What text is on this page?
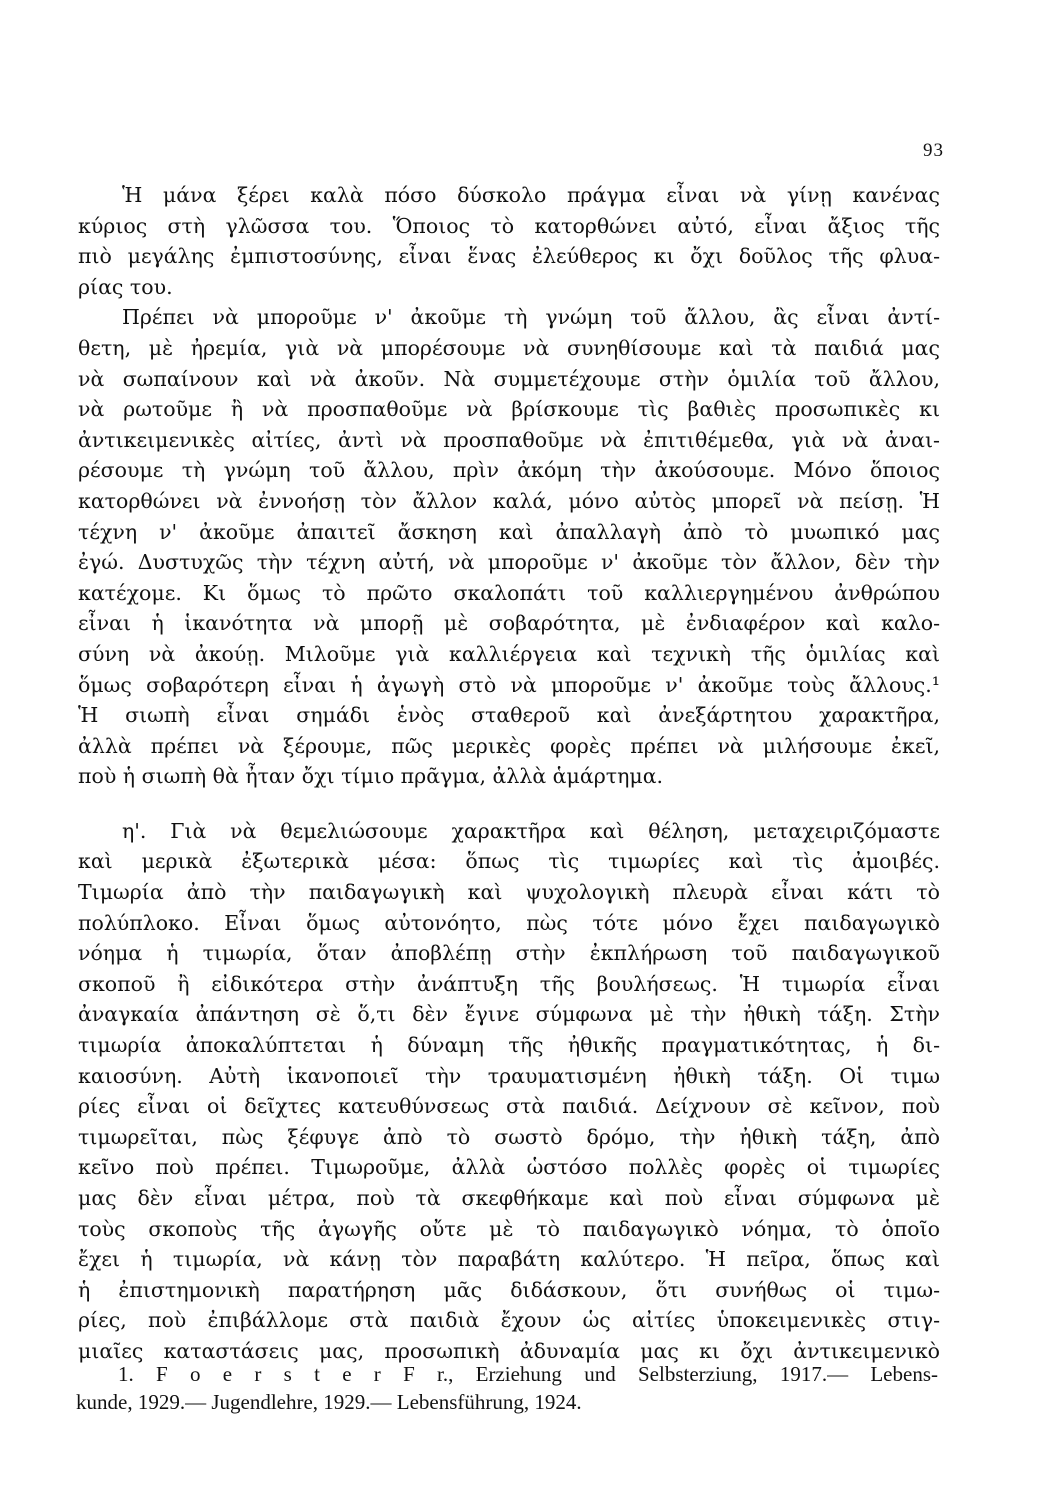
93
Ἡ μάνα ξέρει καλὰ πόσο δύσκολο πράγμα εἶναι νὰ γίνῃ κανένας
κύριος στὴ γλῶσσα του. Ὅποιος τὸ κατορθώνει αὐτό, εἶναι ἄξιος τῆς
πιὸ μεγάλης ἐμπιστοσύνης, εἶναι ἕνας ἐλεύθερος κι ὄχι δοῦλος τῆς φλυα-
ρίας του.
Πρέπει νὰ μποροῦμε ν' ἀκοῦμε τὴ γνώμη τοῦ ἄλλου, ἂς εἶναι ἀντί-
θετη, μὲ ἠρεμία, γιὰ νὰ μπορέσουμε νὰ συνηθίσουμε καὶ τὰ παιδιά μας
νὰ σωπαίνουν καὶ νὰ ἀκοῦν. Νὰ συμμετέχουμε στὴν ὁμιλία τοῦ ἄλλου,
νὰ ρωτοῦμε ἢ νὰ προσπαθοῦμε νὰ βρίσκουμε τὶς βαθιὲς προσωπικὲς κι
ἀντικειμενικὲς αἰτίες, ἀντὶ νὰ προσπαθοῦμε νὰ ἐπιτιθέμεθα, γιὰ νὰ ἀναι-
ρέσουμε τὴ γνώμη τοῦ ἄλλου, πρὶν ἀκόμη τὴν ἀκούσουμε. Μόνο ὅποιος
κατορθώνει νὰ ἐννοήσῃ τὸν ἄλλον καλά, μόνο αὐτὸς μπορεῖ νὰ πείσῃ. Ἡ
τέχνη ν' ἀκοῦμε ἀπαιτεῖ ἄσκηση καὶ ἀπαλλαγὴ ἀπὸ τὸ μυωπικό μας
ἐγώ. Δυστυχῶς τὴν τέχνη αὐτή, νὰ μποροῦμε ν' ἀκοῦμε τὸν ἄλλον, δὲν τὴν
κατέχομε. Κι ὅμως τὸ πρῶτο σκαλοπάτι τοῦ καλλιεργημένου ἀνθρώπου
εἶναι ἡ ἱκανότητα νὰ μπορῇ μὲ σοβαρότητα, μὲ ἐνδιαφέρον καὶ καλο-
σύνη νὰ ἀκούῃ. Μιλοῦμε γιὰ καλλιέργεια καὶ τεχνικὴ τῆς ὁμιλίας καὶ
ὅμως σοβαρότερη εἶναι ἡ ἀγωγὴ στὸ νὰ μποροῦμε ν' ἀκοῦμε τοὺς ἄλλους.¹
Ἡ σιωπὴ εἶναι σημάδι ἑνὸς σταθεροῦ καὶ ἀνεξάρτητου χαρακτῆρα,
ἀλλὰ πρέπει νὰ ξέρουμε, πῶς μερικὲς φορὲς πρέπει νὰ μιλήσουμε ἐκεῖ,
ποὺ ἡ σιωπὴ θὰ ἦταν ὄχι τίμιο πρᾶγμα, ἀλλὰ ἁμάρτημα.
η'. Γιὰ νὰ θεμελιώσουμε χαρακτῆρα καὶ θέληση, μεταχειριζόμαστε
καὶ μερικὰ ἐξωτερικὰ μέσα: ὅπως τὶς τιμωρίες καὶ τὶς ἀμοιβές.
Τιμωρία ἀπὸ τὴν παιδαγωγικὴ καὶ ψυχολογικὴ πλευρὰ εἶναι κάτι τὸ
πολύπλοκο. Εἶναι ὅμως αὐτονόητο, πὼς τότε μόνο ἔχει παιδαγωγικὸ
νόημα ἡ τιμωρία, ὅταν ἀποβλέπῃ στὴν ἐκπλήρωση τοῦ παιδαγωγικοῦ
σκοποῦ ἢ εἰδικότερα στὴν ἀνάπτυξη τῆς βουλήσεως. Ἡ τιμωρία εἶναι
ἀναγκαία ἀπάντηση σὲ ὅ,τι δὲν ἔγινε σύμφωνα μὲ τὴν ἠθικὴ τάξη. Στὴν
τιμωρία ἀποκαλύπτεται ἡ δύναμη τῆς ἠθικῆς πραγματικότητας, ἡ δι-
καιοσύνη. Αὐτὴ ἱκανοποιεῖ τὴν τραυματισμένη ἠθικὴ τάξη. Οἱ τιμω
ρίες εἶναι οἱ δεῖχτες κατευθύνσεως στὰ παιδιά. Δείχνουν σὲ κεῖνον, ποὺ
τιμωρεῖται, πὼς ξέφυγε ἀπὸ τὸ σωστὸ δρόμο, τὴν ἠθικὴ τάξη, ἀπὸ
κεῖνο ποὺ πρέπει. Τιμωροῦμε, ἀλλὰ ὡστόσο πολλὲς φορὲς οἱ τιμωρίες
μας δὲν εἶναι μέτρα, ποὺ τὰ σκεφθήκαμε καὶ ποὺ εἶναι σύμφωνα μὲ
τοὺς σκοποὺς τῆς ἀγωγῆς οὔτε μὲ τὸ παιδαγωγικὸ νόημα, τὸ ὁποῖο
ἔχει ἡ τιμωρία, νὰ κάνῃ τὸν παραβάτη καλύτερο. Ἡ πεῖρα, ὅπως καὶ
ἡ ἐπιστημονικὴ παρατήρηση μᾶς διδάσκουν, ὅτι συνήθως οἱ τιμω-
ρίες, ποὺ ἐπιβάλλομε στὰ παιδιὰ ἔχουν ὡς αἰτίες ὑποκειμενικὲς στιγ-
μιαῖες καταστάσεις μας, προσωπικὴ ἀδυναμία μας κι ὄχι ἀντικειμενικὸ
1. F o e r s t e r F r., Erziehung und Selbsterziung, 1917.— Lebens-
kunde, 1929.— Jugendlehre, 1929.— Lebensführung, 1924.
